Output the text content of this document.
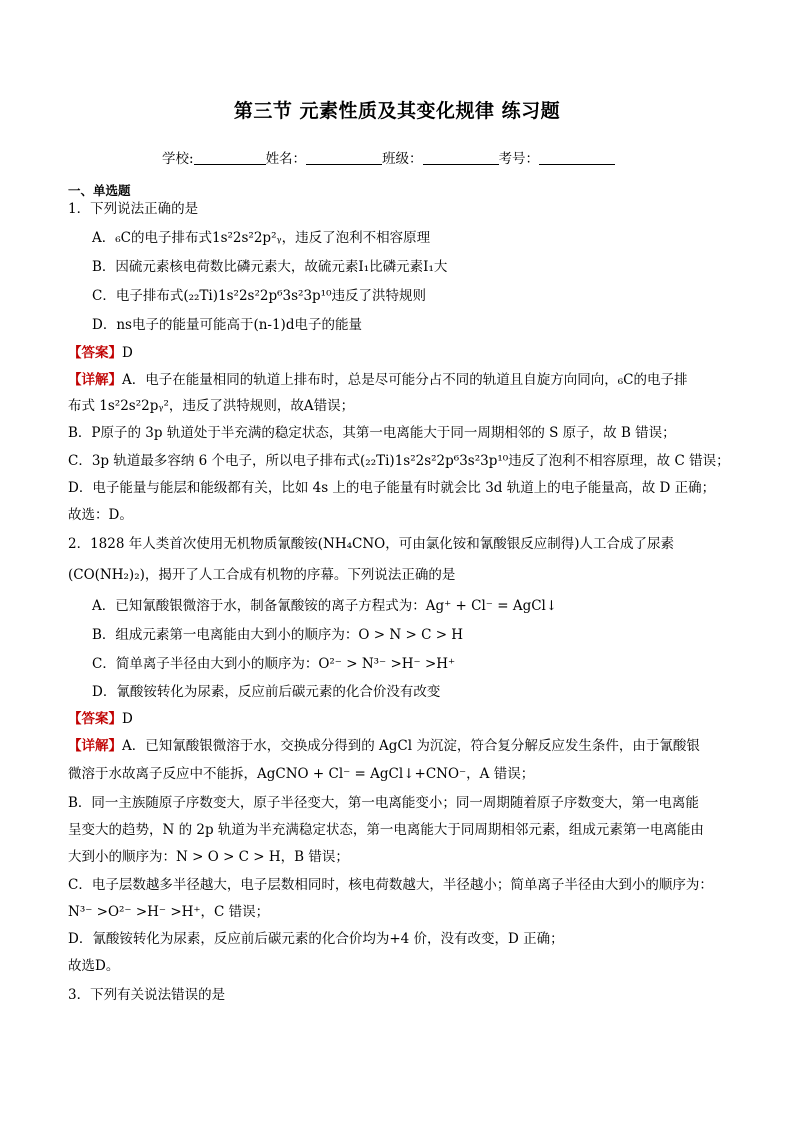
第三节 元素性质及其变化规律 练习题
学校:	姓名：	班级：	考号：
一、单选题
1．下列说法正确的是
A．₆C的电子排布式1s²2s²2p²ᵧ，违反了泡利不相容原理
B．因硫元素核电荷数比磷元素大，故硫元素I₁比磷元素I₁大
C．电子排布式(₂₂Ti)1s²2s²2p⁶3s²3p¹⁰违反了洪特规则
D．ns电子的能量可能高于(n-1)d电子的能量
【答案】D
【详解】A．电子在能量相同的轨道上排布时，总是尽可能分占不同的轨道且自旋方向同向，₆C的电子排
布式 1s²2s²2pᵧ²，违反了洪特规则，故A错误；
B．P原子的 3p 轨道处于半充满的稳定状态，其第一电离能大于同一周期相邻的 S 原子，故 B 错误；
C．3p 轨道最多容纳 6 个电子，所以电子排布式(₂₂Ti)1s²2s²2p⁶3s²3p¹⁰违反了泡利不相容原理，故 C 错误；
D．电子能量与能层和能级都有关，比如 4s 上的电子能量有时就会比 3d 轨道上的电子能量高，故 D 正确；
故选：D。
2．1828 年人类首次使用无机物质氰酸铵(NH₄CNO，可由氯化铵和氰酸银反应制得)人工合成了尿素
(CO(NH₂)₂)，揭开了人工合成有机物的序幕。下列说法正确的是
A．已知氰酸银微溶于水，制备氰酸铵的离子方程式为：Ag⁺ + Cl⁻ = AgCl↓
B．组成元素第一电离能由大到小的顺序为：O > N > C > H
C．简单离子半径由大到小的顺序为：O²⁻ > N³⁻ >H⁻ >H⁺
D．氰酸铵转化为尿素，反应前后碳元素的化合价没有改变
【答案】D
【详解】A．已知氰酸银微溶于水，交换成分得到的 AgCl 为沉淀，符合复分解反应发生条件，由于氰酸银
微溶于水故离子反应中不能拆，AgCNO + Cl⁻ = AgCl↓+CNO⁻，A 错误；
B．同一主族随原子序数变大，原子半径变大，第一电离能变小；同一周期随着原子序数变大，第一电离能
呈变大的趋势，N 的 2p 轨道为半充满稳定状态，第一电离能大于同周期相邻元素，组成元素第一电离能由
大到小的顺序为：N > O > C > H，B 错误；
C．电子层数越多半径越大，电子层数相同时，核电荷数越大，半径越小；简单离子半径由大到小的顺序为：
N³⁻ >O²⁻ >H⁻ >H⁺，C 错误；
D．氰酸铵转化为尿素，反应前后碳元素的化合价均为+4 价，没有改变，D 正确；
故选D。
3．下列有关说法错误的是
